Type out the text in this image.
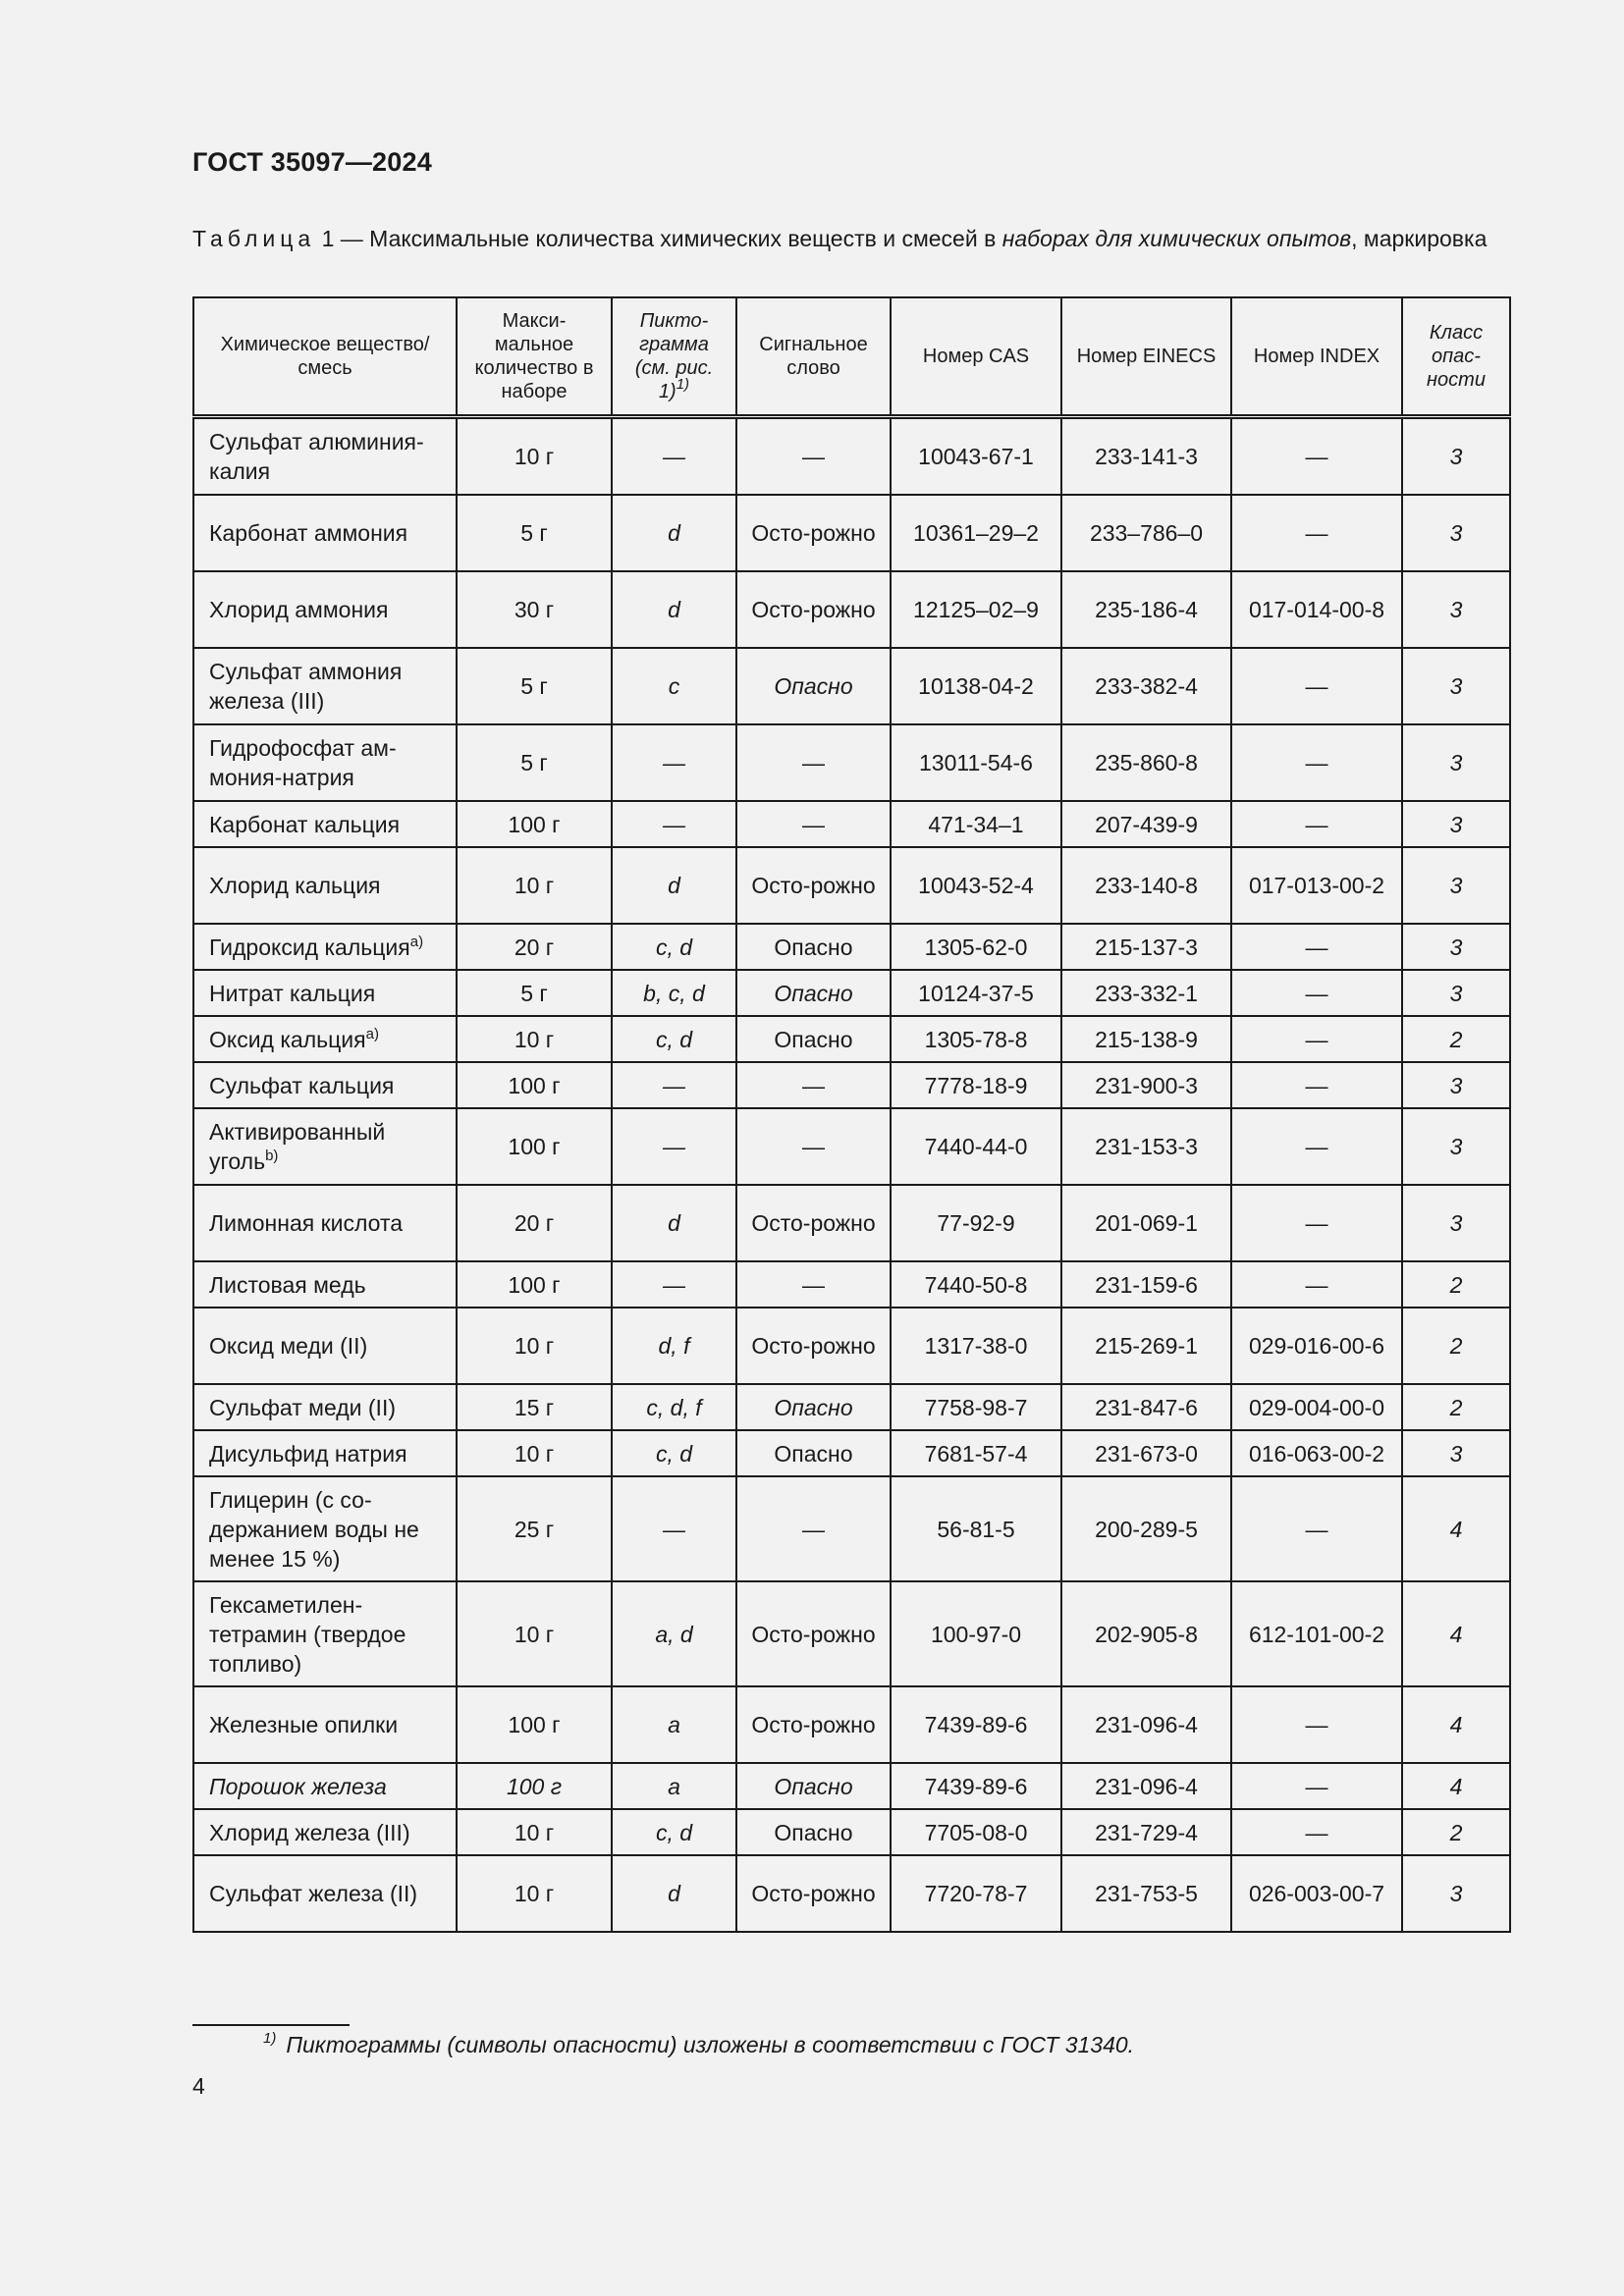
ГОСТ 35097—2024
Таблица 1 — Максимальные количества химических веществ и смесей в наборах для химических опытов, маркировка
Химическое вещество/ смесь	Макси-мальное количество в наборе	Пикто-грамма (см. рис. 1)$^{1)}$	Сигнальное слово	Номер CAS	Номер EINECS	Номер INDEX	Класс опас-ности
Сульфат алюминия-калия	10 г	—	—	10043-67-1	233-141-3	—	3
Карбонат аммония	5 г	d	Осто-рожно	10361–29–2	233–786–0	—	3
Хлорид аммония	30 г	d	Осто-рожно	12125–02–9	235-186-4	017-014-00-8	3
Сульфат аммония железа (III)	5 г	c	Опасно	10138-04-2	233-382-4	—	3
Гидрофосфат ам-мония-натрия	5 г	—	—	13011-54-6	235-860-8	—	3
Карбонат кальция	100 г	—	—	471-34–1	207-439-9	—	3
Хлорид кальция	10 г	d	Осто-рожно	10043-52-4	233-140-8	017-013-00-2	3
Гидроксид кальция$^{a)}$	20 г	c, d	Опасно	1305-62-0	215-137-3	—	3
Нитрат кальция	5 г	b, c, d	Опасно	10124-37-5	233-332-1	—	3
Оксид кальция$^{a)}$	10 г	c, d	Опасно	1305-78-8	215-138-9	—	2
Сульфат кальция	100 г	—	—	7778-18-9	231-900-3	—	3
Активированный уголь$^{b)}$	100 г	—	—	7440-44-0	231-153-3	—	3
Лимонная кислота	20 г	d	Осто-рожно	77-92-9	201-069-1	—	3
Листовая медь	100 г	—	—	7440-50-8	231-159-6	—	2
Оксид меди (II)	10 г	d, f	Осто-рожно	1317-38-0	215-269-1	029-016-00-6	2
Сульфат меди (II)	15 г	c, d, f	Опасно	7758-98-7	231-847-6	029-004-00-0	2
Дисульфид натрия	10 г	c, d	Опасно	7681-57-4	231-673-0	016-063-00-2	3
Глицерин (с со-держанием воды не менее 15 %)	25 г	—	—	56-81-5	200-289-5	—	4
Гексаметилен-тетрамин (твердое топливо)	10 г	a, d	Осто-рожно	100-97-0	202-905-8	612-101-00-2	4
Железные опилки	100 г	a	Осто-рожно	7439-89-6	231-096-4	—	4
Порошок железа	100 г	a	Опасно	7439-89-6	231-096-4	—	4
Хлорид железа (III)	10 г	c, d	Опасно	7705-08-0	231-729-4	—	2
Сульфат железа (II)	10 г	d	Осто-рожно	7720-78-7	231-753-5	026-003-00-7	3
$^{1)}$ Пиктограммы (символы опасности) изложены в соответствии с ГОСТ 31340.
4
